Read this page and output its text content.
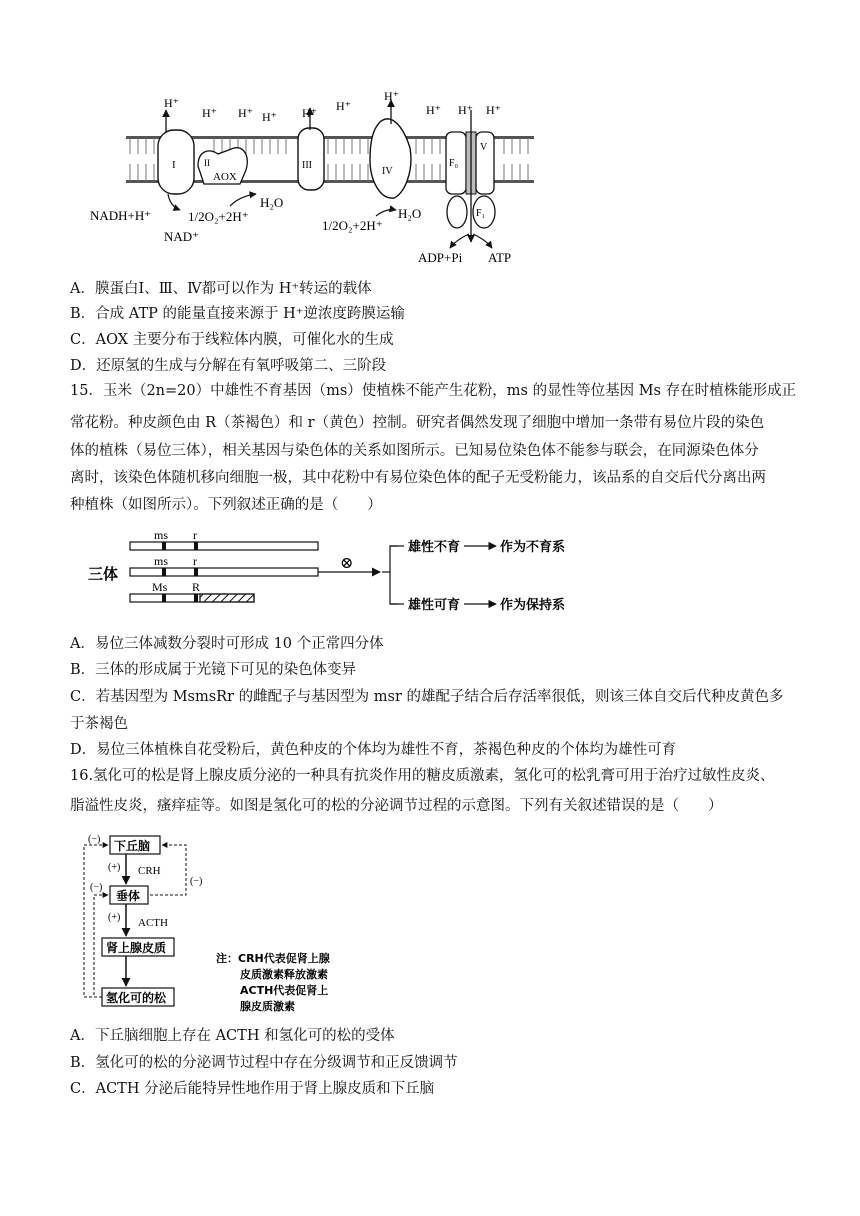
I	II
AOX
III
IV
F₀
V
F₁
H⁺
H⁺ H⁺ H⁺ H⁺ H⁺
H⁺
H⁺ H⁺ H⁺
NADH+H⁺
NAD⁺
1/2O₂+2H⁺
H₂O
1/2O₂+2H⁺
H₂O
ADP+Pi ATP
A．膜蛋白Ⅰ、Ⅲ、Ⅳ都可以作为 H⁺转运的载体
B．合成 ATP 的能量直接来源于 H⁺逆浓度跨膜运输
C．AOX 主要分布于线粒体内膜，可催化水的生成
D．还原氢的生成与分解在有氧呼吸第二、三阶段
15．玉米（2n=20）中雄性不育基因（ms）使植株不能产生花粉，ms 的显性等位基因 Ms 存在时植株能形成正
常花粉。种皮颜色由 R（茶褐色）和 r（黄色）控制。研究者偶然发现了细胞中增加一条带有易位片段的染色
体的植株（易位三体），相关基因与染色体的关系如图所示。已知易位染色体不能参与联会，在同源染色体分
离时，该染色体随机移向细胞一极，其中花粉中有易位染色体的配子无受粉能力，该品系的自交后代分离出两
种植株（如图所示）。下列叙述正确的是（　　）
三体
ms r
ms r
Ms R
⊗
雄性不育	作为不育系
雄性可育	作为保持系
A．易位三体减数分裂时可形成 10 个正常四分体
B．三体的形成属于光镜下可见的染色体变异
C．若基因型为 MsmsRr 的雌配子与基因型为 msr 的雄配子结合后存活率很低，则该三体自交后代种皮黄色多
于茶褐色
D．易位三体植株自花受粉后，黄色种皮的个体均为雄性不育，茶褐色种皮的个体均为雄性可育
16.氢化可的松是肾上腺皮质分泌的一种具有抗炎作用的糖皮质激素，氢化可的松乳膏可用于治疗过敏性皮炎、
脂溢性皮炎，瘙痒症等。如图是氢化可的松的分泌调节过程的示意图。下列有关叙述错误的是（　　）
下丘脑
垂体
肾上腺皮质
氢化可的松
(+) CRH
(+) ACTH
(−)
(−)
(−)
注：CRH代表促肾上腺
皮质激素释放激素
ACTH代表促肾上
腺皮质激素
A．下丘脑细胞上存在 ACTH 和氢化可的松的受体
B．氢化可的松的分泌调节过程中存在分级调节和正反馈调节
C．ACTH 分泌后能特异性地作用于肾上腺皮质和下丘脑
